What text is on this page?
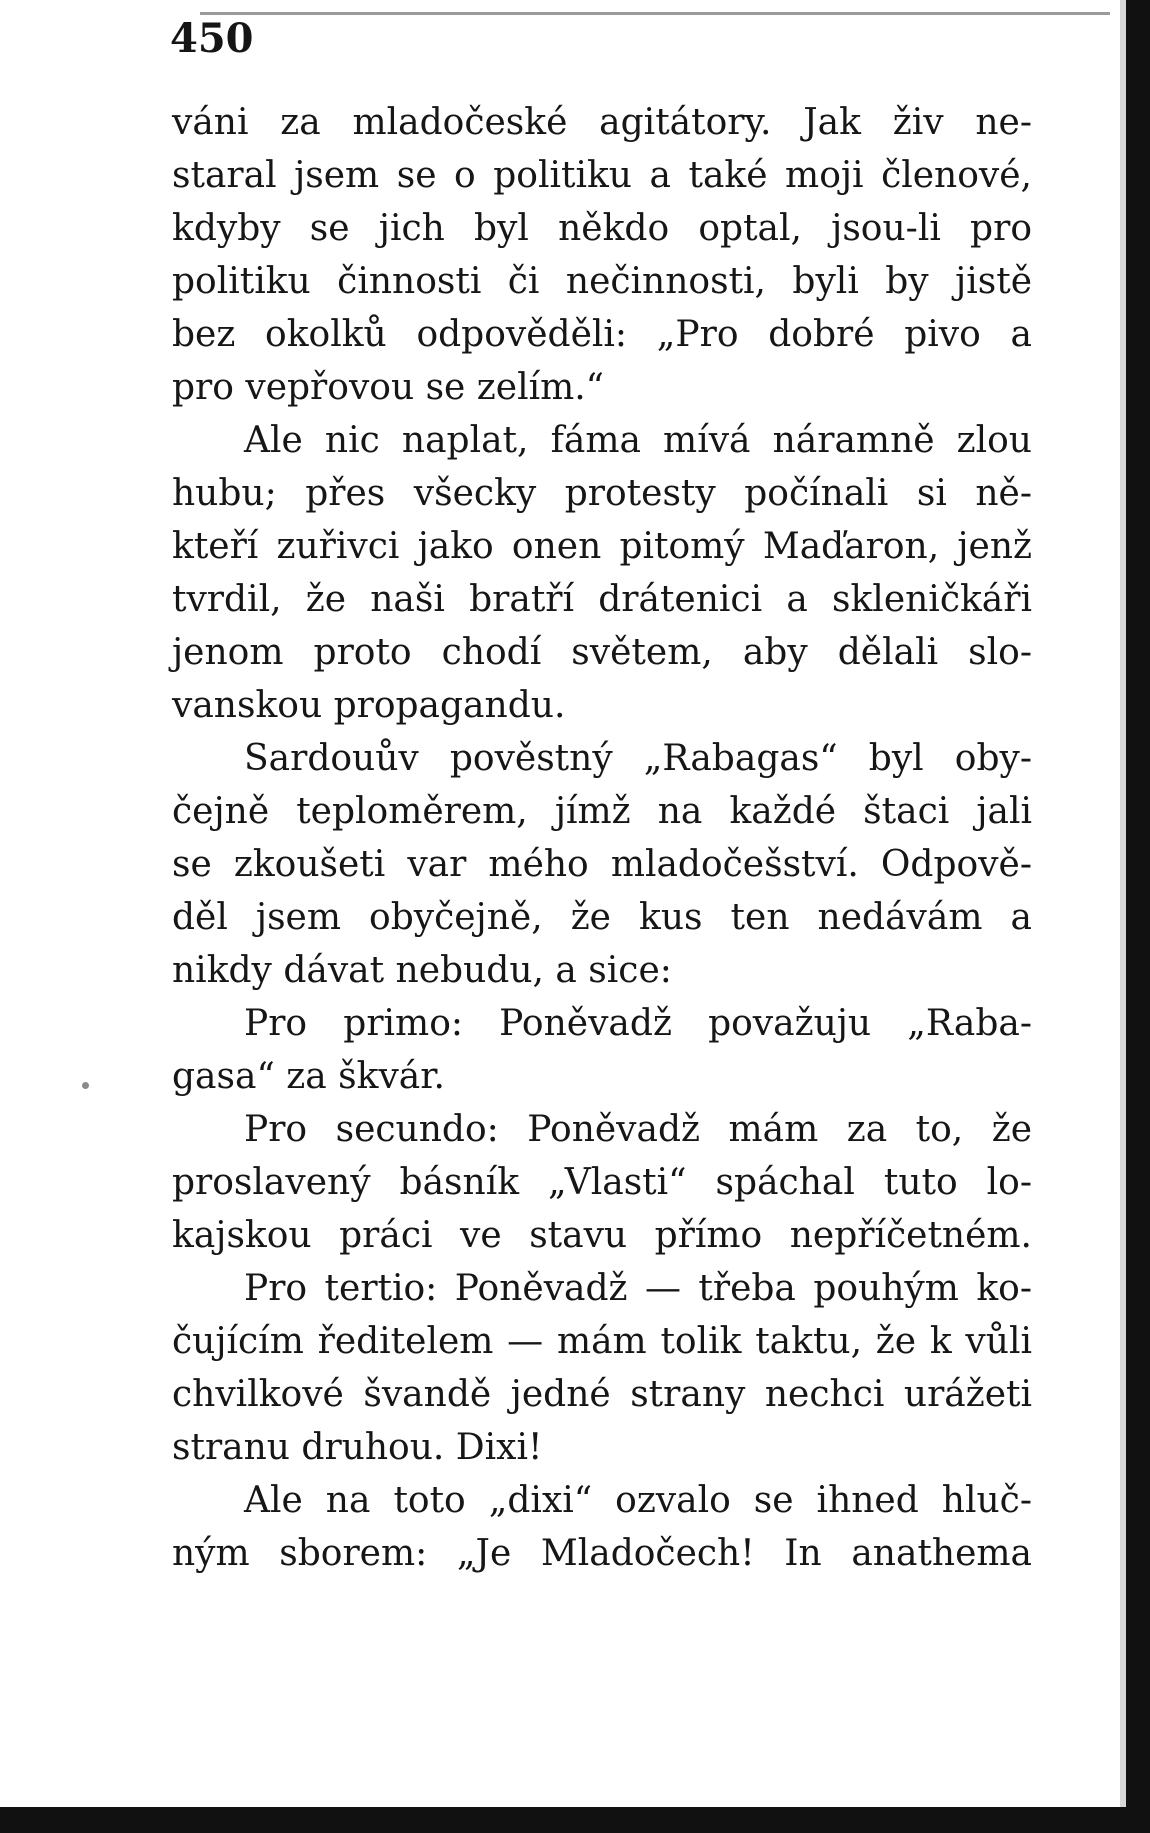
450
váni za mladočeské agitátory. Jak živ ne-
staral jsem se o politiku a také moji členové,
kdyby se jich byl někdo optal, jsou-li pro
politiku činnosti či nečinnosti, byli by jistě
bez okolků odpověděli: „Pro dobré pivo a
pro vepřovou se zelím.“
Ale nic naplat, fáma mívá náramně zlou
hubu; přes všecky protesty počínali si ně-
kteří zuřivci jako onen pitomý Maďaron, jenž
tvrdil, že naši bratří drátenici a skleničkáři
jenom proto chodí světem, aby dělali slo-
vanskou propagandu.
Sardouův pověstný „Rabagas“ byl oby-
čejně teploměrem, jímž na každé štaci jali
se zkoušeti var mého mladočešství. Odpově-
děl jsem obyčejně, že kus ten nedávám a
nikdy dávat nebudu, a sice:
Pro primo: Poněvadž považuju „Raba-
gasa“ za škvár.
Pro secundo: Poněvadž mám za to, že
proslavený básník „Vlasti“ spáchal tuto lo-
kajskou práci ve stavu přímo nepříčetném.
Pro tertio: Poněvadž — třeba pouhým ko-
čujícím ředitelem — mám tolik taktu, že k vůli
chvilkové švandě jedné strany nechci urážeti
stranu druhou. Dixi!
Ale na toto „dixi“ ozvalo se ihned hluč-
ným sborem: „Je Mladočech! In anathema
